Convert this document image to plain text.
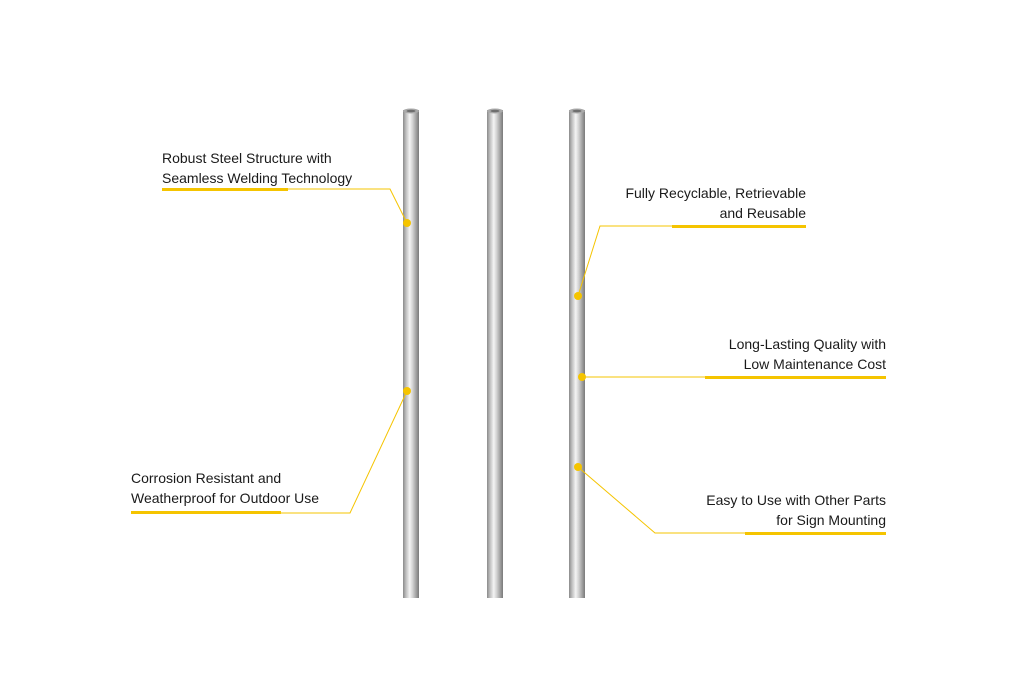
Robust Steel Structure with
Seamless Welding Technology
Corrosion Resistant and
Weatherproof for Outdoor Use
Fully Recyclable, Retrievable
and Reusable
Long-Lasting Quality with
Low Maintenance Cost
Easy to Use with Other Parts
for Sign Mounting
